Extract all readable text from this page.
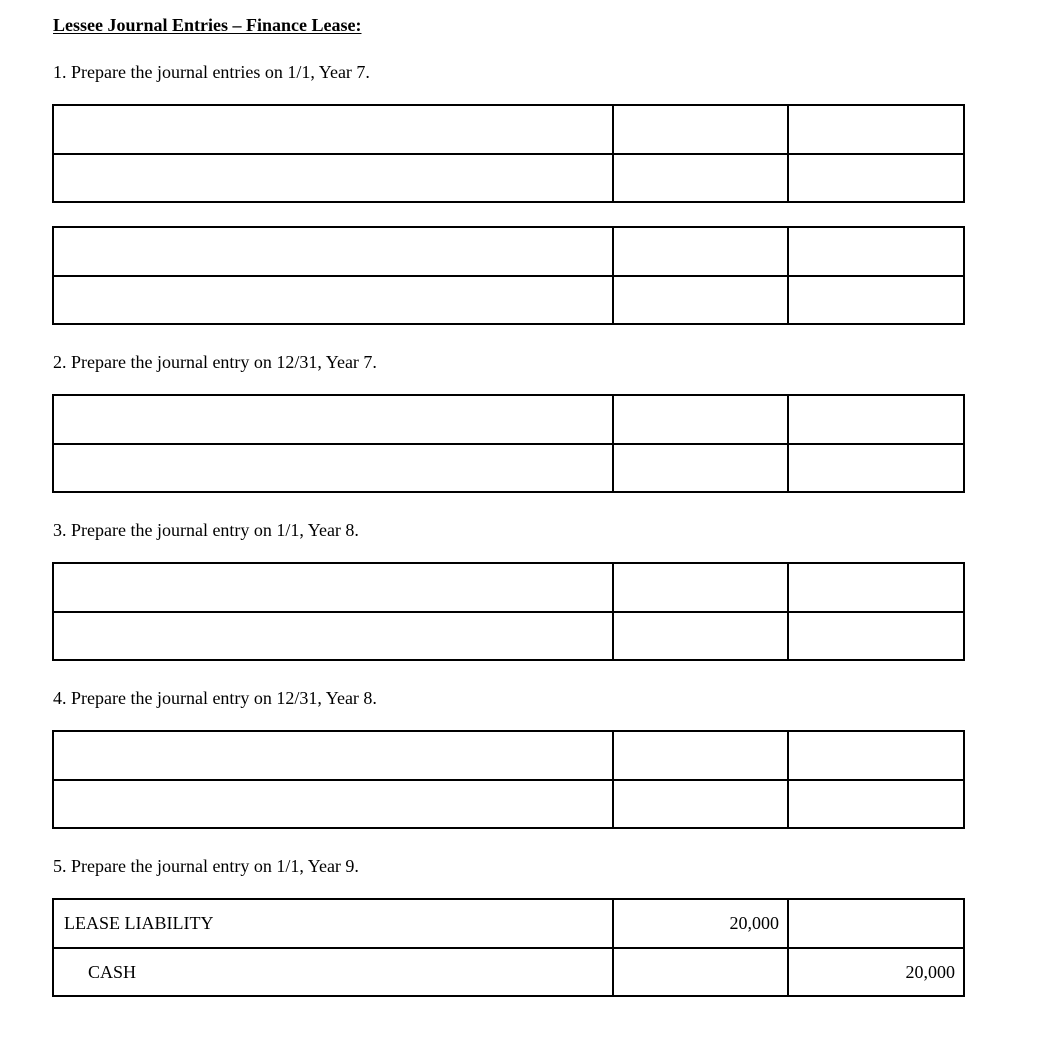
Lessee Journal Entries – Finance Lease:

1. Prepare the journal entries on 1/1, Year 7.

2. Prepare the journal entry on 12/31, Year 7.

3. Prepare the journal entry on 1/1, Year 8.

4. Prepare the journal entry on 12/31, Year 8.

5. Prepare the journal entry on 1/1, Year 9.

LEASE LIABILITY	20,000	
CASH		20,000
